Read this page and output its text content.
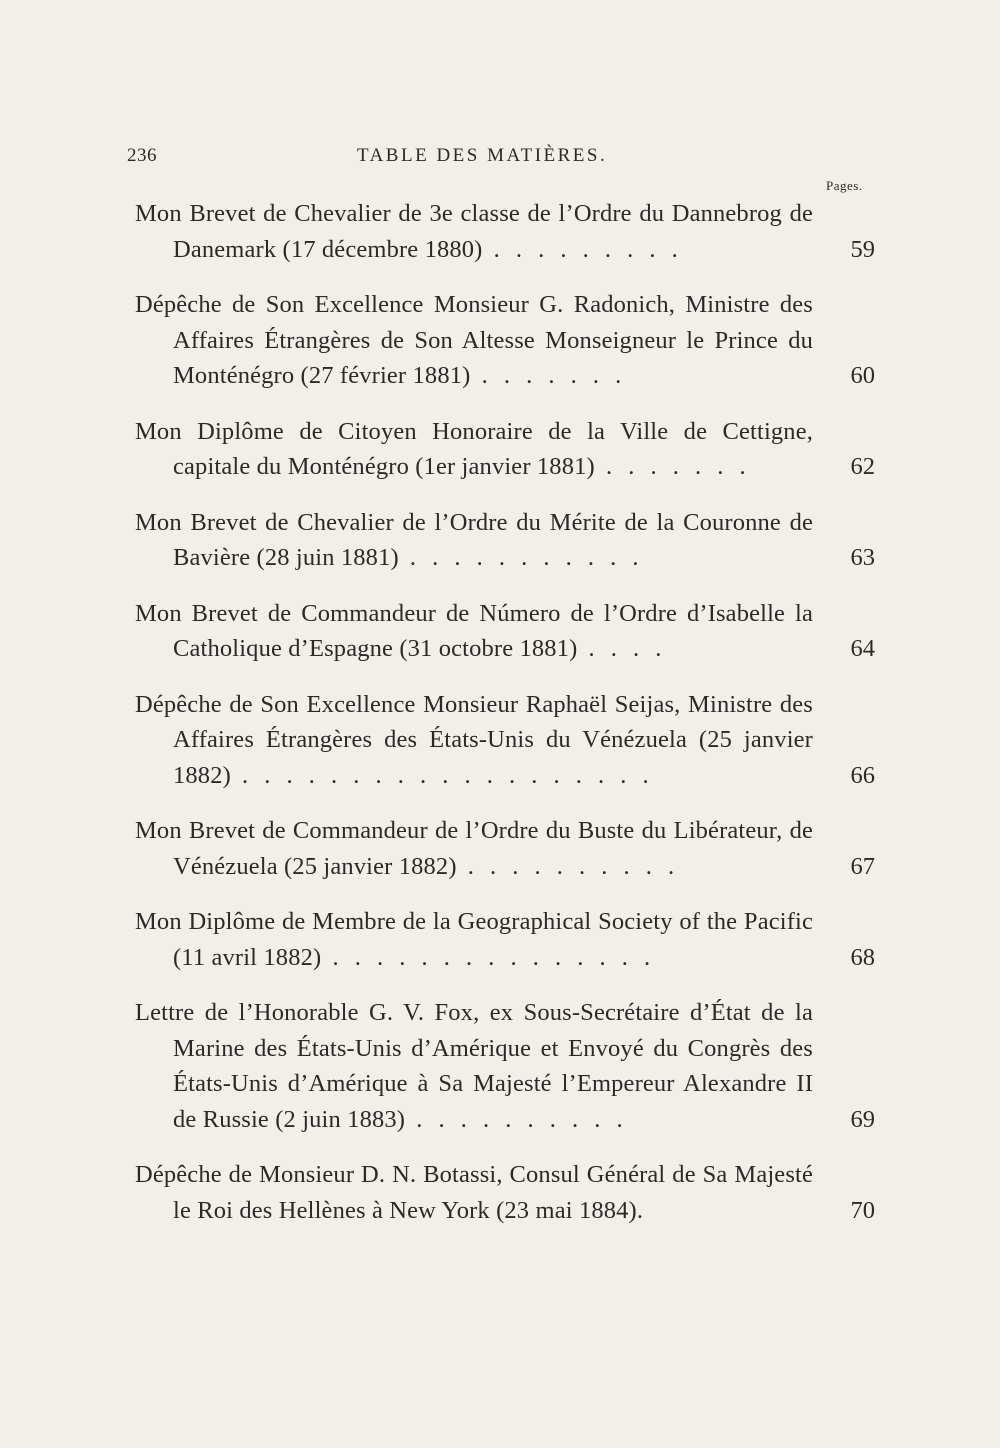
236	TABLE DES MATIÈRES.
Pages.
Mon Brevet de Chevalier de 3e classe de l’Ordre du Dannebrog de Danemark (17 décembre 1880) . . . . . . . . .	59
Dépêche de Son Excellence Monsieur G. Radonich, Ministre des Affaires Étrangères de Son Altesse Monseigneur le Prince du Monténégro (27 février 1881) . . . . . . .	60
Mon Diplôme de Citoyen Honoraire de la Ville de Cettigne, capitale du Monténégro (1er janvier 1881) . . . . . . .	62
Mon Brevet de Chevalier de l’Ordre du Mérite de la Couronne de Bavière (28 juin 1881) . . . . . . . . . . .	63
Mon Brevet de Commandeur de Número de l’Ordre d’Isabelle la Catholique d’Espagne (31 octobre 1881) . . . .	64
Dépêche de Son Excellence Monsieur Raphaël Seijas, Ministre des Affaires Étrangères des États-Unis du Vénézuela (25 janvier 1882) . . . . . . . . . . . . . . . . . . .	66
Mon Brevet de Commandeur de l’Ordre du Buste du Libérateur, de Vénézuela (25 janvier 1882) . . . . . . . . . .	67
Mon Diplôme de Membre de la Geographical Society of the Pacific (11 avril 1882) . . . . . . . . . . . . . . .	68
Lettre de l’Honorable G. V. Fox, ex Sous-Secrétaire d’État de la Marine des États-Unis d’Amérique et Envoyé du Congrès des États-Unis d’Amérique à Sa Majesté l’Empereur Alexandre II de Russie (2 juin 1883) . . . . . . . . . .	69
Dépêche de Monsieur D. N. Botassi, Consul Général de Sa Majesté le Roi des Hellènes à New York (23 mai 1884).	70
